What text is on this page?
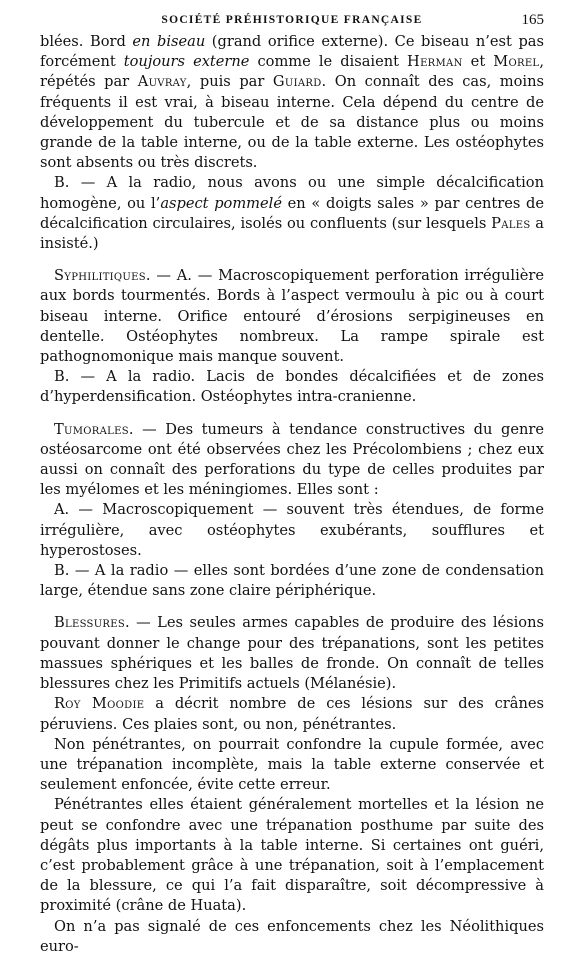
SOCIÉTÉ PRÉHISTORIQUE FRANÇAISE	165

blées. Bord en biseau (grand orifice externe). Ce biseau n’est pas forcément toujours externe comme le disaient Herman et Morel, répétés par Auvray, puis par Guiard. On connaît des cas, moins fréquents il est vrai, à biseau interne. Cela dépend du centre de développement du tubercule et de sa distance plus ou moins grande de la table interne, ou de la table externe. Les ostéophytes sont absents ou très discrets.

B. — A la radio, nous avons ou une simple décalcification homogène, ou l’aspect pommelé en « doigts sales » par centres de décalcification circulaires, isolés ou confluents (sur lesquels Pales a insisté.)

Syphilitiques. — A. — Macroscopiquement perforation irrégulière aux bords tourmentés. Bords à l’aspect vermoulu à pic ou à court biseau interne. Orifice entouré d’érosions serpigineuses en dentelle. Ostéophytes nombreux. La rampe spirale est pathognomonique mais manque souvent.

B. — A la radio. Lacis de bondes décalcifiées et de zones d’hyperdensification. Ostéophytes intra-cranienne.

Tumorales. — Des tumeurs à tendance constructives du genre ostéosarcome ont été observées chez les Précolombiens ; chez eux aussi on connaît des perforations du type de celles produites par les myélomes et les méningiomes. Elles sont :

A. — Macroscopiquement — souvent très étendues, de forme irrégulière, avec ostéophytes exubérants, soufflures et hyperostoses.

B. — A la radio — elles sont bordées d’une zone de condensation large, étendue sans zone claire périphérique.

Blessures. — Les seules armes capables de produire des lésions pouvant donner le change pour des trépanations, sont les petites massues sphériques et les balles de fronde. On connaît de telles blessures chez les Primitifs actuels (Mélanésie).

Roy Moodie a décrit nombre de ces lésions sur des crânes péruviens. Ces plaies sont, ou non, pénétrantes.

Non pénétrantes, on pourrait confondre la cupule formée, avec une trépanation incomplète, mais la table externe conservée et seulement enfoncée, évite cette erreur.

Pénétrantes elles étaient généralement mortelles et la lésion ne peut se confondre avec une trépanation posthume par suite des dégâts plus importants à la table interne. Si certaines ont guéri, c’est probablement grâce à une trépanation, soit à l’emplacement de la blessure, ce qui l’a fait disparaître, soit décompressive à proximité (crâne de Huata).

On n’a pas signalé de ces enfoncements chez les Néolithiques euro-
